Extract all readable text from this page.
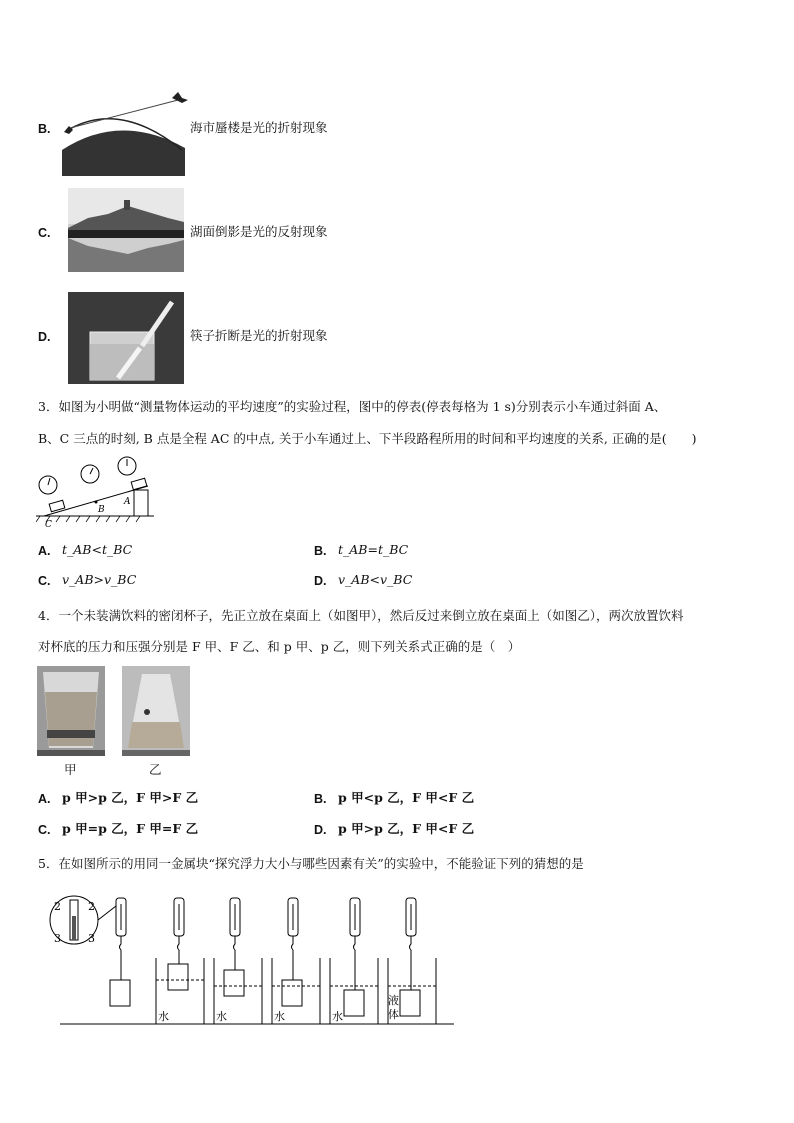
B.	海市蜃楼是光的折射现象
C.	湖面倒影是光的反射现象
D.	筷子折断是光的折射现象
3．如图为小明做“测量物体运动的平均速度”的实验过程，图中的停表(停表每格为 1 s)分别表示小车通过斜面 A、
B、C 三点的时刻, B 点是全程 AC 的中点, 关于小车通过上、下半段路程所用的时间和平均速度的关系, 正确的是(　　)
A
B
C
A. t_AB<t_BC	B. t_AB=t_BC
C. v_AB>v_BC	D. v_AB<v_BC
4．一个未装满饮料的密闭杯子，先正立放在桌面上（如图甲），然后反过来倒立放在桌面上（如图乙），两次放置饮料
对杯底的压力和压强分别是 F 甲、F 乙、和 p 甲、p 乙，则下列关系式正确的是（　）
甲	乙
A. p 甲>p 乙，F 甲>F 乙	B. p 甲<p 乙，F 甲<F 乙
C. p 甲=p 乙，F 甲=F 乙	D. p 甲>p 乙，F 甲<F 乙
5．在如图所示的用同一金属块“探究浮力大小与哪些因素有关”的实验中，不能验证下列的猜想的是
2 2
3 3
水	水	水	水
液
体
